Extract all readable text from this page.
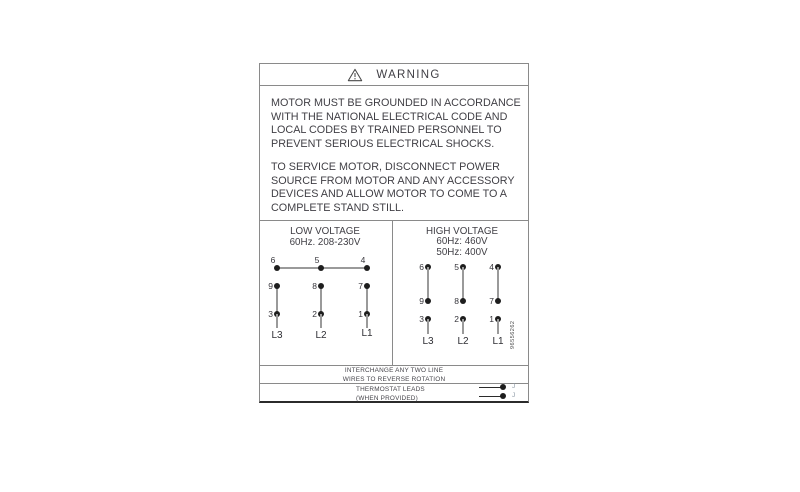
WARNING
MOTOR MUST BE GROUNDED IN ACCORDANCE
WITH THE NATIONAL ELECTRICAL CODE AND
LOCAL CODES BY TRAINED PERSONNEL TO
PREVENT SERIOUS ELECTRICAL SHOCKS.
TO SERVICE MOTOR, DISCONNECT POWER
SOURCE FROM MOTOR AND ANY ACCESSORY
DEVICES AND ALLOW MOTOR TO COME TO A
COMPLETE STAND STILL.
LOW VOLTAGE
60Hz. 208-230V
6	5	4
9	8	7
3	2	1
L3	L2	L1
HIGH VOLTAGE
60Hz: 460V
50Hz: 400V
6	5	4
9	8	7
3	2	1
L3	L2	L1	96556262
INTERCHANGE ANY TWO LINE
WIRES TO REVERSE ROTATION
THERMOSTAT LEADS
(WHEN PROVIDED)
J
J
